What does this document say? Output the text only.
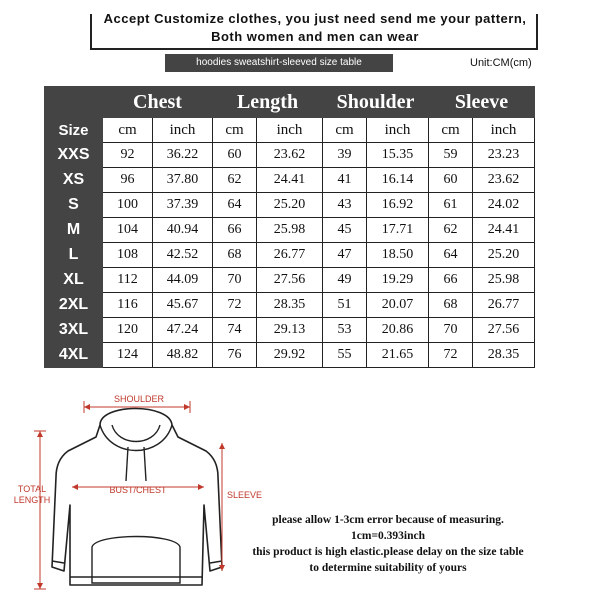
Accept Customize clothes, you just need send me your pattern,
Both women and men can wear
hoodies sweatshirt-sleeved size table	Unit:CM(cm)
	Chest		Length		Shoulder		Sleeve	
Size	cm	inch	cm	inch	cm	inch	cm	inch
XXS	92	36.22	60	23.62	39	15.35	59	23.23
XS	96	37.80	62	24.41	41	16.14	60	23.62
S	100	37.39	64	25.20	43	16.92	61	24.02
M	104	40.94	66	25.98	45	17.71	62	24.41
L	108	42.52	68	26.77	47	18.50	64	25.20
XL	112	44.09	70	27.56	49	19.29	66	25.98
2XL	116	45.67	72	28.35	51	20.07	68	26.77
3XL	120	47.24	74	29.13	53	20.86	70	27.56
4XL	124	48.82	76	29.92	55	21.65	72	28.35
SHOULDER
BUST/CHEST	SLEEVE
TOTAL
LENGTH
please allow 1-3cm error because of measuring.
1cm=0.393inch
this product is high elastic.please delay on the size table
to determine suitability of yours
